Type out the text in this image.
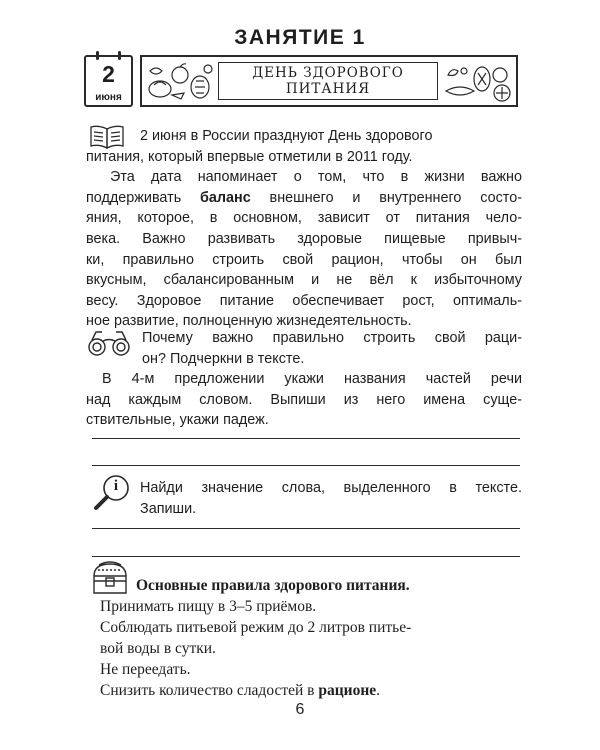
ЗАНЯТИЕ 1
2
июня
ДЕНЬ ЗДОРОВОГО ПИТАНИЯ
2 июня в России празднуют День здорового
питания, который впервые отметили в 2011 году.
Эта дата напоминает о том, что в жизни важно
поддерживать баланс внешнего и внутреннего состо-
яния, которое, в основном, зависит от питания чело-
века. Важно развивать здоровые пищевые привыч-
ки, правильно строить свой рацион, чтобы он был
вкусным, сбалансированным и не вёл к избыточному
весу. Здоровое питание обеспечивает рост, оптималь-
ное развитие, полноценную жизнедеятельность.
Почему важно правильно строить свой раци-
он? Подчеркни в тексте.
В 4-м предложении укажи названия частей речи
над каждым словом. Выпиши из него имена суще-
ствительные, укажи падеж.
i Найди значение слова, выделенного в тексте.
Запиши.
Основные правила здорового питания.
Принимать пищу в 3–5 приёмов.
Соблюдать питьевой режим до 2 литров питье-
вой воды в сутки.
Не переедать.
Снизить количество сладостей в рационе.
6
